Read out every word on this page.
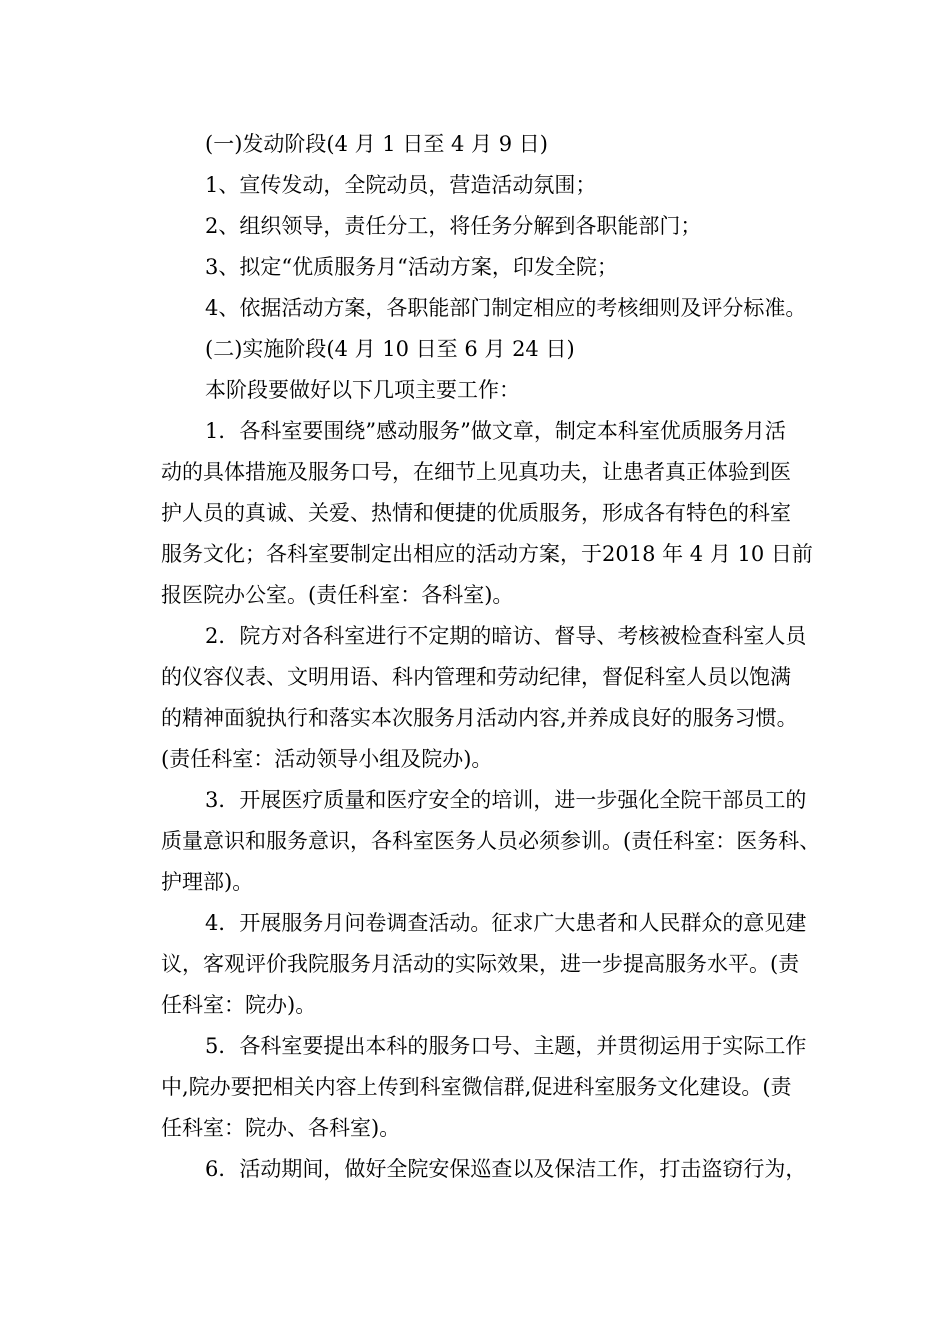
(一)发动阶段(4 月 1 日至 4 月 9 日)
1、宣传发动，全院动员，营造活动氛围；
2、组织领导，责任分工，将任务分解到各职能部门；
3、拟定“优质服务月“活动方案，印发全院；
4、依据活动方案，各职能部门制定相应的考核细则及评分标准。
(二)实施阶段(4 月 10 日至 6 月 24 日)
本阶段要做好以下几项主要工作：
1．各科室要围绕”感动服务”做文章，制定本科室优质服务月活
动的具体措施及服务口号，在细节上见真功夫，让患者真正体验到医
护人员的真诚、关爱、热情和便捷的优质服务，形成各有特色的科室
服务文化；各科室要制定出相应的活动方案，于2018 年 4 月 10 日前
报医院办公室。(责任科室：各科室)。
2．院方对各科室进行不定期的暗访、督导、考核被检查科室人员
的仪容仪表、文明用语、科内管理和劳动纪律，督促科室人员以饱满
的精神面貌执行和落实本次服务月活动内容,并养成良好的服务习惯。
(责任科室：活动领导小组及院办)。
3．开展医疗质量和医疗安全的培训，进一步强化全院干部员工的
质量意识和服务意识，各科室医务人员必须参训。(责任科室：医务科、
护理部)。
4．开展服务月问卷调查活动。征求广大患者和人民群众的意见建
议，客观评价我院服务月活动的实际效果，进一步提高服务水平。(责
任科室：院办)。
5．各科室要提出本科的服务口号、主题，并贯彻运用于实际工作
中,院办要把相关内容上传到科室微信群,促进科室服务文化建设。(责
任科室：院办、各科室)。
6．活动期间，做好全院安保巡查以及保洁工作，打击盗窃行为，
